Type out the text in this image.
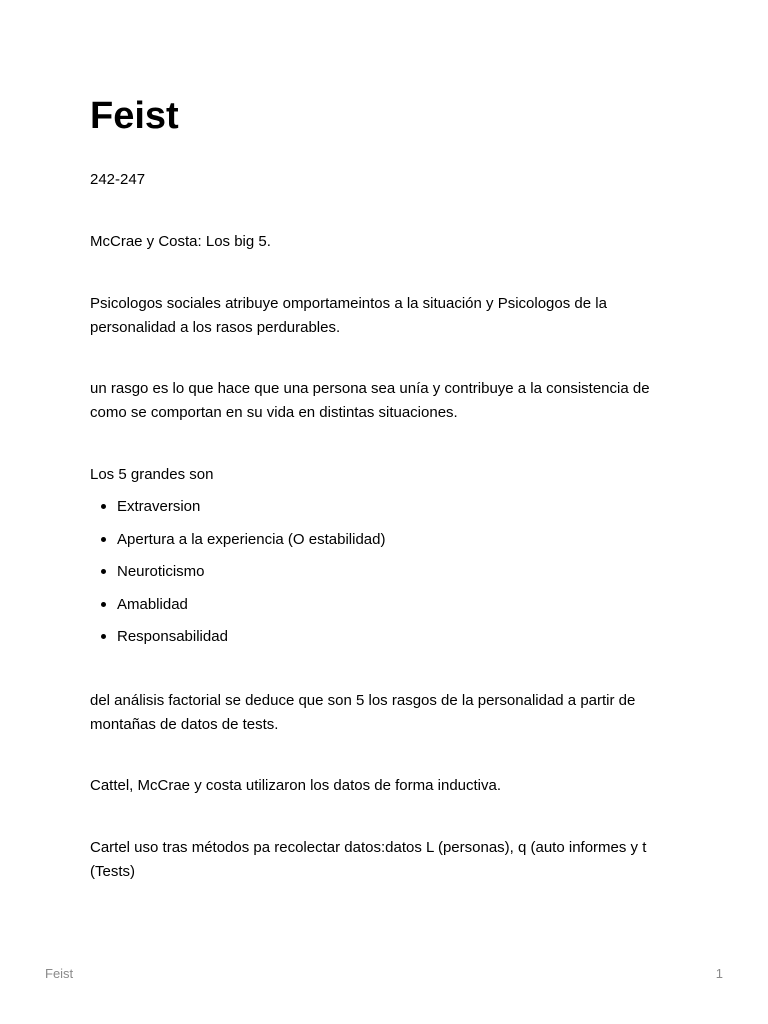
Feist

242-247

McCrae y Costa: Los big 5.

Psicologos sociales atribuye omportameintos a la situación y Psicologos de la personalidad a los rasos perdurables.

un rasgo es lo que hace que una persona sea unía y contribuye a la consistencia de como se comportan en su vida en distintas situaciones.

Los 5 grandes son

Extraversion
Apertura a la experiencia (O estabilidad)
Neuroticismo
Amablidad
Responsabilidad

del análisis factorial se deduce que son 5 los rasgos de la personalidad a partir de montañas de datos de tests.

Cattel, McCrae y costa utilizaron los datos de forma inductiva.

Cartel uso tras métodos pa recolectar datos:datos L (personas), q (auto informes y t (Tests)

Feist	1
